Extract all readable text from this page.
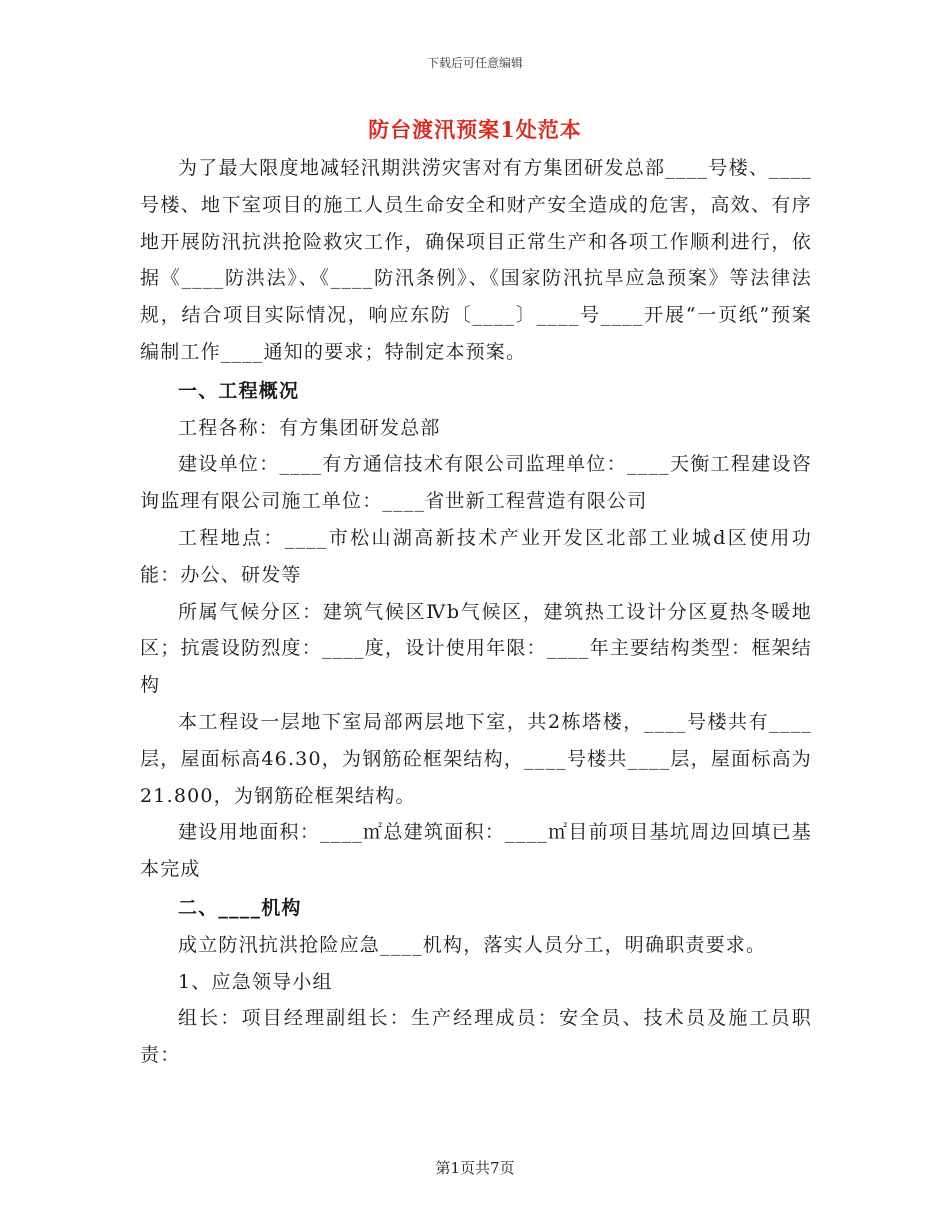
下载后可任意编辑
防台渡汛预案1处范本

为了最大限度地减轻汛期洪涝灾害对有方集团研发总部____号楼、____号楼、地下室项目的施工人员生命安全和财产安全造成的危害，高效、有序地开展防汛抗洪抢险救灾工作，确保项目正常生产和各项工作顺利进行，依据《____防洪法》、《____防汛条例》、《国家防汛抗旱应急预案》等法律法规，结合项目实际情况，响应东防〔____〕____号____开展“一页纸”预案编制工作____通知的要求；特制定本预案。

一、工程概况

工程各称：有方集团研发总部

建设单位：____有方通信技术有限公司监理单位：____天衡工程建设咨询监理有限公司施工单位：____省世新工程营造有限公司

工程地点：____市松山湖高新技术产业开发区北部工业城d区使用功能：办公、研发等

所属气候分区：建筑气候区Ⅳb气候区，建筑热工设计分区夏热冬暖地区；抗震设防烈度：____度，设计使用年限：____年主要结构类型：框架结构

本工程设一层地下室局部两层地下室，共2栋塔楼，____号楼共有____层，屋面标高46.30，为钢筋砼框架结构，____号楼共____层，屋面标高为21.800，为钢筋砼框架结构。

建设用地面积：____㎡总建筑面积：____㎡目前项目基坑周边回填已基本完成

二、____机构

成立防汛抗洪抢险应急____机构，落实人员分工，明确职责要求。

1、应急领导小组

组长：项目经理副组长：生产经理成员：安全员、技术员及施工员职责：

第1页共7页
